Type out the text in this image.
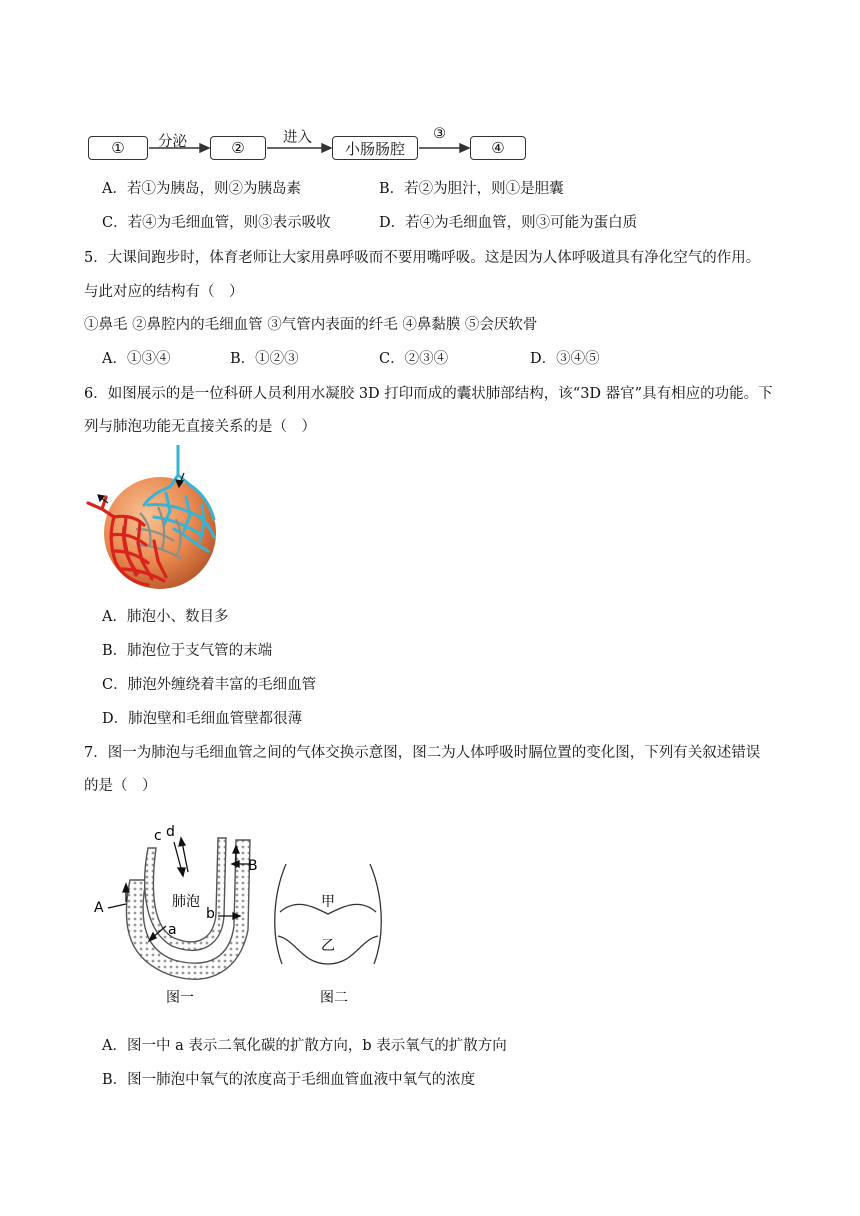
①	分泌	②
进入
小肠肠腔
③
④
A．若①为胰岛，则②为胰岛素	B．若②为胆汁，则①是胆囊
C．若④为毛细血管，则③表示吸收	D．若④为毛细血管，则③可能为蛋白质
5．大课间跑步时，体育老师让大家用鼻呼吸而不要用嘴呼吸。这是因为人体呼吸道具有净化空气的作用。
与此对应的结构有（　）
①鼻毛 ②鼻腔内的毛细血管 ③气管内表面的纤毛 ④鼻黏膜 ⑤会厌软骨
A．①③④	B．①②③	C．②③④	D．③④⑤
6．如图展示的是一位科研人员利用水凝胶 3D 打印而成的囊状肺部结构，该“3D 器官”具有相应的功能。下
列与肺泡功能无直接关系的是（　）
A．肺泡小、数目多
B．肺泡位于支气管的末端
C．肺泡外缠绕着丰富的毛细血管
D．肺泡壁和毛细血管壁都很薄
7．图一为肺泡与毛细血管之间的气体交换示意图，图二为人体呼吸时膈位置的变化图，下列有关叙述错误
的是（　）
c d
A
B
肺泡
a
b
图一
甲
乙
图二
A．图一中 a 表示二氧化碳的扩散方向，b 表示氧气的扩散方向
B．图一肺泡中氧气的浓度高于毛细血管血液中氧气的浓度
